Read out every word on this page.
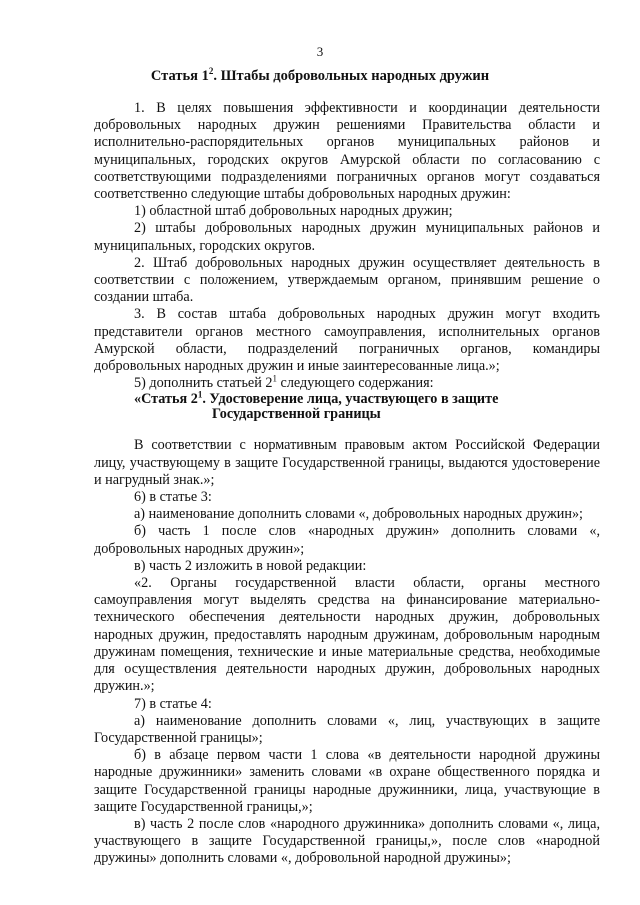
3
Статья $1^2$. Штабы добровольных народных дружин

1. В целях повышения эффективности и координации деятельности добровольных народных дружин решениями Правительства области и исполнительно-распорядительных органов муниципальных районов и муниципальных, городских округов Амурской области по согласованию с соответствующими подразделениями пограничных органов могут создаваться соответственно следующие штабы добровольных народных дружин:

1) областной штаб добровольных народных дружин;

2) штабы добровольных народных дружин муниципальных районов и муниципальных, городских округов.

2. Штаб добровольных народных дружин осуществляет деятельность в соответствии с положением, утверждаемым органом, принявшим решение о создании штаба.

3. В состав штаба добровольных народных дружин могут входить представители органов местного самоуправления, исполнительных органов Амурской области, подразделений пограничных органов, командиры добровольных народных дружин и иные заинтересованные лица.»;

5) дополнить статьей $2^1$ следующего содержания:

«Статья $2^1$. Удостоверение лица, участвующего в защите
Государственной границы

В соответствии с нормативным правовым актом Российской Федерации лицу, участвующему в защите Государственной границы, выдаются удостоверение и нагрудный знак.»;

6) в статье 3:

а) наименование дополнить словами «, добровольных народных дружин»;

б) часть 1 после слов «народных дружин» дополнить словами «, добровольных народных дружин»;

в) часть 2 изложить в новой редакции:

«2. Органы государственной власти области, органы местного самоуправления могут выделять средства на финансирование материально-технического обеспечения деятельности народных дружин, добровольных народных дружин, предоставлять народным дружинам, добровольным народным дружинам помещения, технические и иные материальные средства, необходимые для осуществления деятельности народных дружин, добровольных народных дружин.»;

7) в статье 4:

а) наименование дополнить словами «, лиц, участвующих в защите Государственной границы»;

б) в абзаце первом части 1 слова «в деятельности народной дружины народные дружинники» заменить словами «в охране общественного порядка и защите Государственной границы народные дружинники, лица, участвующие в защите Государственной границы,»;

в) часть 2 после слов «народного дружинника» дополнить словами «, лица, участвующего в защите Государственной границы,», после слов «народной дружины» дополнить словами «, добровольной народной дружины»;
